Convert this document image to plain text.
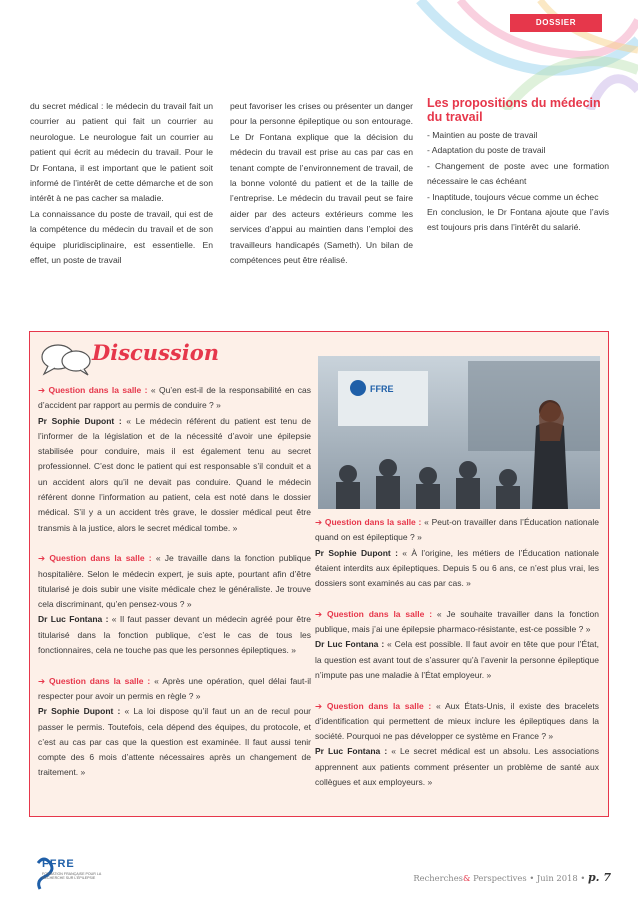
DOSSIER

du secret médical : le médecin du travail fait un courrier au patient qui fait un courrier au neurologue. Le neurologue fait un courrier au patient qui écrit au médecin du travail. Pour le Dr Fontana, il est important que le patient soit informé de l’intérêt de cette démarche et de son intérêt à ne pas cacher sa maladie.

La connaissance du poste de travail, qui est de la compétence du médecin du travail et de son équipe pluridisciplinaire, est essentielle. En effet, un poste de travail

peut favoriser les crises ou présenter un danger pour la personne épileptique ou son entourage. Le Dr Fontana explique que la décision du médecin du travail est prise au cas par cas en tenant compte de l’environnement de travail, de la bonne volonté du patient et de la taille de l’entreprise. Le médecin du travail peut se faire aider par des acteurs extérieurs comme les services d’appui au maintien dans l’emploi des travailleurs handicapés (Sameth). Un bilan de compétences peut être réalisé.

Les propositions du médecin du travail

- Maintien au poste de travail

- Adaptation du poste de travail

- Changement de poste avec une formation nécessaire le cas échéant

- Inaptitude, toujours vécue comme un échec

En conclusion, le Dr Fontana ajoute que l’avis est toujours pris dans l’intérêt du salarié.

Discussion
FFRE
➔ Question dans la salle : « Qu’en est-il de la responsabilité en cas d’accident par rapport au permis de conduire ? »
Pr Sophie Dupont : « Le médecin référent du patient est tenu de l’informer de la législation et de la nécessité d’avoir une épilepsie stabilisée pour conduire, mais il est également tenu au secret professionnel. C’est donc le patient qui est responsable s’il conduit et a un accident alors qu’il ne devait pas conduire. Quand le médecin référent donne l’information au patient, cela est noté dans le dossier médical. S’il y a un accident très grave, le dossier médical peut être transmis à la justice, alors le secret médical tombe. »
➔ Question dans la salle : « Je travaille dans la fonction publique hospitalière. Selon le médecin expert, je suis apte, pourtant afin d’être titularisé je dois subir une visite médicale chez le généraliste. Je trouve cela discriminant, qu’en pensez-vous ? »
Dr Luc Fontana : « Il faut passer devant un médecin agréé pour être titularisé dans la fonction publique, c’est le cas de tous les fonctionnaires, cela ne touche pas que les personnes épileptiques. »
➔ Question dans la salle : « Après une opération, quel délai faut-il respecter pour avoir un permis en règle ? »
Pr Sophie Dupont : « La loi dispose qu’il faut un an de recul pour passer le permis. Toutefois, cela dépend des équipes, du protocole, et c’est au cas par cas que la question est examinée. Il faut aussi tenir compte des 6 mois d’attente nécessaires après un changement de traitement. »
➔ Question dans la salle : « Peut-on travailler dans l’Éducation nationale quand on est épileptique ? »
Pr Sophie Dupont : « À l’origine, les métiers de l’Éducation nationale étaient interdits aux épileptiques. Depuis 5 ou 6 ans, ce n’est plus vrai, les dossiers sont examinés au cas par cas. »
➔ Question dans la salle : « Je souhaite travailler dans la fonction publique, mais j’ai une épilepsie pharmaco-résistante, est-ce possible ? »
Dr Luc Fontana : « Cela est possible. Il faut avoir en tête que pour l’État, la question est avant tout de s’assurer qu’à l’avenir la personne épileptique n’impute pas une maladie à l’État employeur. »
➔ Question dans la salle : « Aux États-Unis, il existe des bracelets d’identification qui permettent de mieux inclure les épileptiques dans la société. Pourquoi ne pas développer ce système en France ? »
Pr Luc Fontana : « Le secret médical est un absolu. Les associations apprennent aux patients comment présenter un problème de santé aux collègues et aux employeurs. »
FFRE
FONDATION FRANÇAISE POUR LA RECHERCHE SUR L’ÉPILEPSIE	Recherches& Perspectives • Juin 2018 • p. 7
